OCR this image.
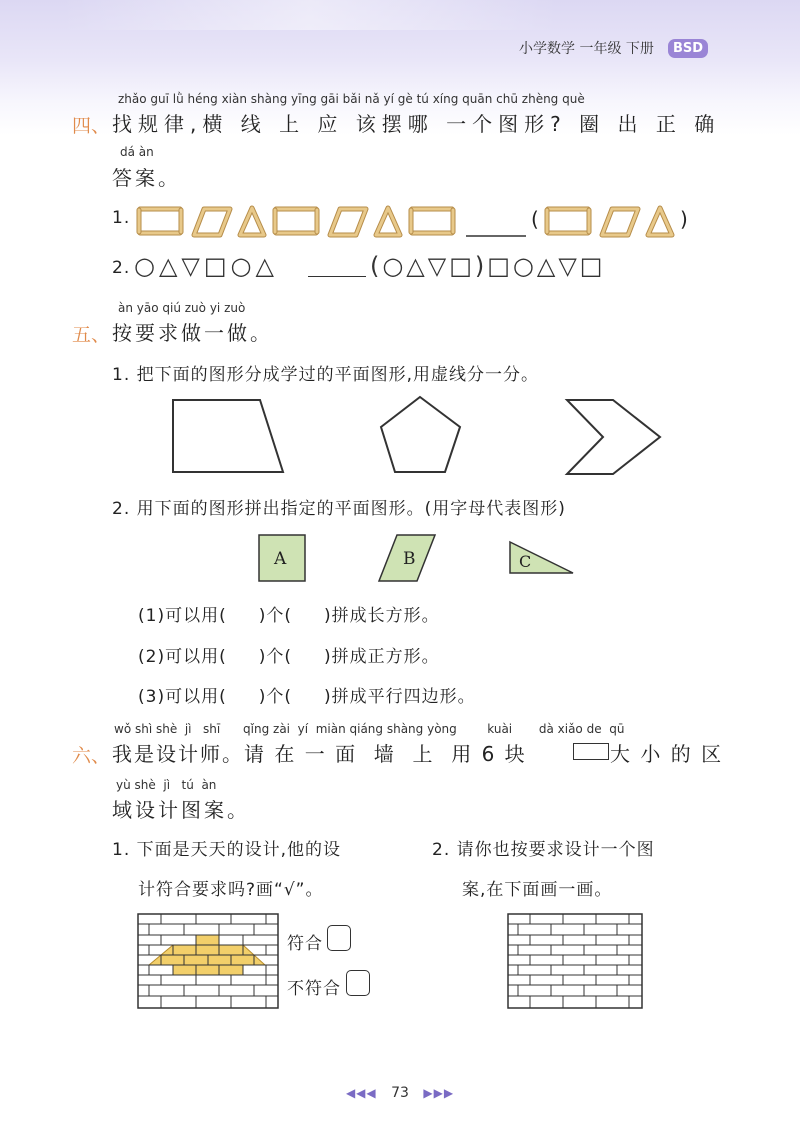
小学数学 一年级 下册	BSD
zhǎo guī lǜ héng xiàn shàng yīng gāi bǎi nǎ yí gè tú xíng quān chū zhèng què
四、 找规律,横 线 上 应 该摆哪 一个图形? 圈 出 正 确
dá àn
答案。
1.	(	)
2. ○△▽□○△	(○△▽□)□○△▽□
àn yāo qiú zuò yi zuò
五、 按要求做一做。
1. 把下面的图形分成学过的平面图形,用虚线分一分。
2. 用下面的图形拼出指定的平面图形。(用字母代表图形)
A	B	C
(1)可以用(     )个(     )拼成长方形。
(2)可以用(     )个(     )拼成正方形。
(3)可以用(     )个(     )拼成平行四边形。
wǒ shì shè  jì   shī      qǐng zài  yí  miàn qiáng shàng yòng        kuài       dà xiǎo de  qū
六、 我是设计师。请 在 一 面  墙  上  用 6 块	大 小 的 区
yù shè  jì   tú  àn
域设计图案。
1. 下面是天天的设计,他的设
计符合要求吗?画“√”。
2. 请你也按要求设计一个图
案,在下面画一画。
符合
不符合
◀◀◀ 73 ▶▶▶
